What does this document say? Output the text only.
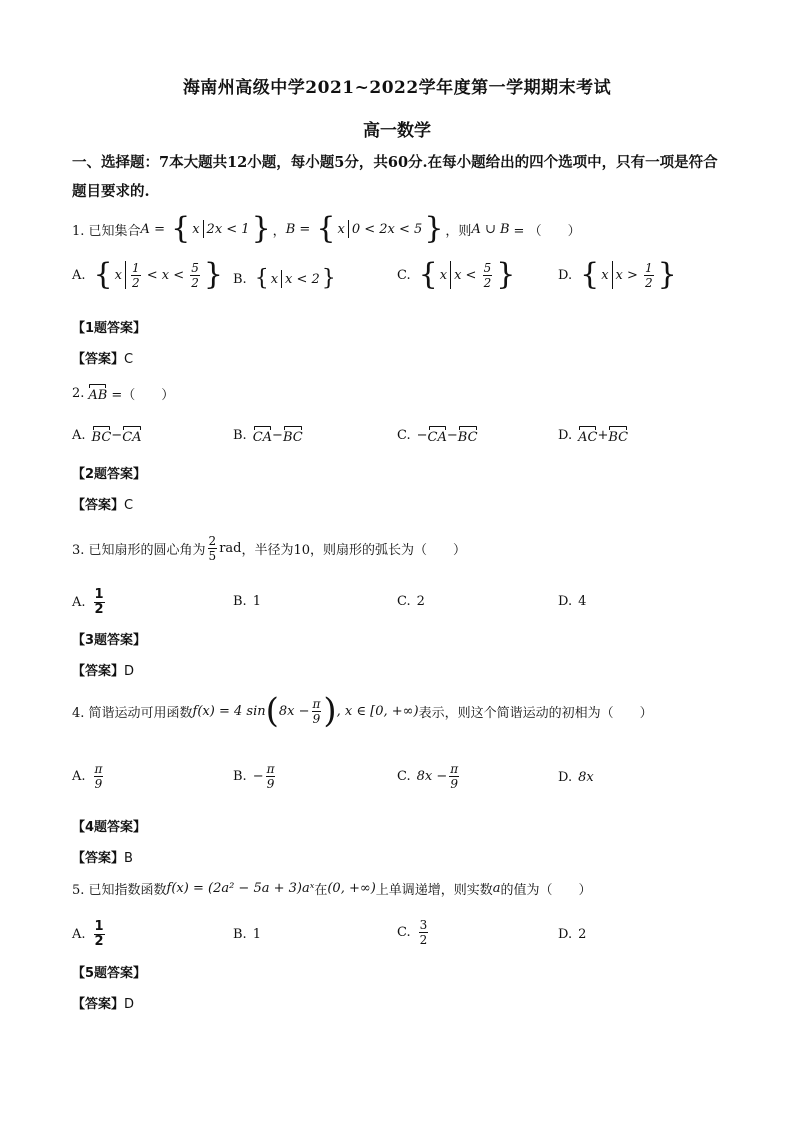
海南州高级中学2021~2022学年度第一学期期末考试
高一数学
一、选择题：7本大题共12小题，每小题5分，共60分.在每小题给出的四个选项中，只有一项是符合题目要求的.
1. 已知集合 A = { x 2x < 1 } ， B = { x 0 < 2x < 5 } ，则 A ∪ B = （　　）
A. { x $\frac{1}{2} < x < \frac{5}{2}$ } B. { x x < 2 }	C. { x $x < \frac{5}{2}$ }	D. { x $x > \frac{1}{2}$ }
【1题答案】
【答案】C
2. AB =（　　）
A. BC − CA	B. CA − BC	C. − CA − BC	D. AC + BC
【2题答案】
【答案】C
3. 已知扇形的圆心角为 $\frac{2}{5}$ rad ，半径为10，则扇形的弧长为（　　）
A. $\frac{1}{2}$	B. 1	C. 2	D. 4
【3题答案】
【答案】D
4. 简谐运动可用函数 f(x) = 4 sin ( $8x - \frac{\pi}{9}$ ) , x ∈ [0, +∞) 表示，则这个简谐运动的初相为（　　）
A. $\frac{\pi}{9}$	B. − $\frac{\pi}{9}$	C. $8x - \frac{\pi}{9}$	D. 8x
【4题答案】
【答案】B
5. 已知指数函数 f(x) = (2a² − 5a + 3)aˣ 在 (0, +∞) 上单调递增，则实数 a 的值为（　　）
A. $\frac{1}{2}$	B. 1	C. $\frac{3}{2}$	D. 2
【5题答案】
【答案】D
